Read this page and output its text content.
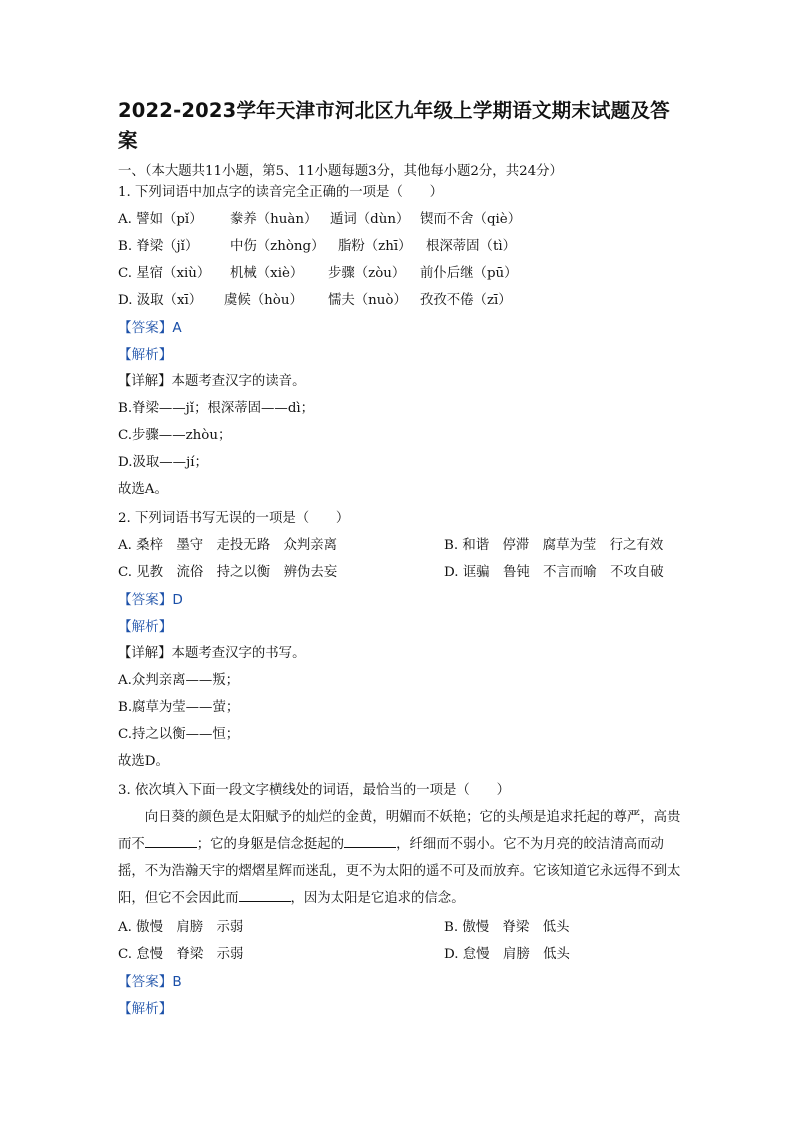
2022-2023学年天津市河北区九年级上学期语文期末试题及答案
一、（本大题共11小题，第5、11小题每题3分，其他每小题2分，共24分）
1. 下列词语中加点字的读音完全正确的一项是（　　）
A. 譬如（pǐ） 豢养（huàn） 遁词（dùn） 锲而不舍（qiè）
B. 脊梁（jǐ） 中伤（zhòng） 脂粉（zhī） 根深蒂固（tì）
C. 星宿（xiù） 机械（xiè） 步骤（zòu） 前仆后继（pū）
D. 汲取（xī） 虞候（hòu） 懦夫（nuò） 孜孜不倦（zī）
【答案】A
【解析】
【详解】本题考查汉字的读音。
B.脊梁——jǐ；根深蒂固——dì；
C.步骤——zhòu；
D.汲取——jí；
故选A。
2. 下列词语书写无误的一项是（　　）
A. 桑梓　墨守　走投无路　众判亲离	B. 和谐　停滞　腐草为莹　行之有效
C. 见教　流俗　持之以衡　辨伪去妄	D. 诓骗　鲁钝　不言而喻　不攻自破
【答案】D
【解析】
【详解】本题考查汉字的书写。
A.众判亲离——叛；
B.腐草为莹——萤；
C.持之以衡——恒；
故选D。
3. 依次填入下面一段文字横线处的词语，最恰当的一项是（　　）
　　向日葵的颜色是太阳赋予的灿烂的金黄，明媚而不妖艳；它的头颅是追求托起的尊严，高贵而不	；它的身躯是信念挺起的	，纤细而不弱小。它不为月亮的皎洁清高而动摇，不为浩瀚天宇的熠熠星辉而迷乱，更不为太阳的遥不可及而放弃。它该知道它永远得不到太阳，但它不会因此而	，因为太阳是它追求的信念。
A. 傲慢　肩膀　示弱	B. 傲慢　脊梁　低头
C. 怠慢　脊梁　示弱	D. 怠慢　肩膀　低头
【答案】B
【解析】
